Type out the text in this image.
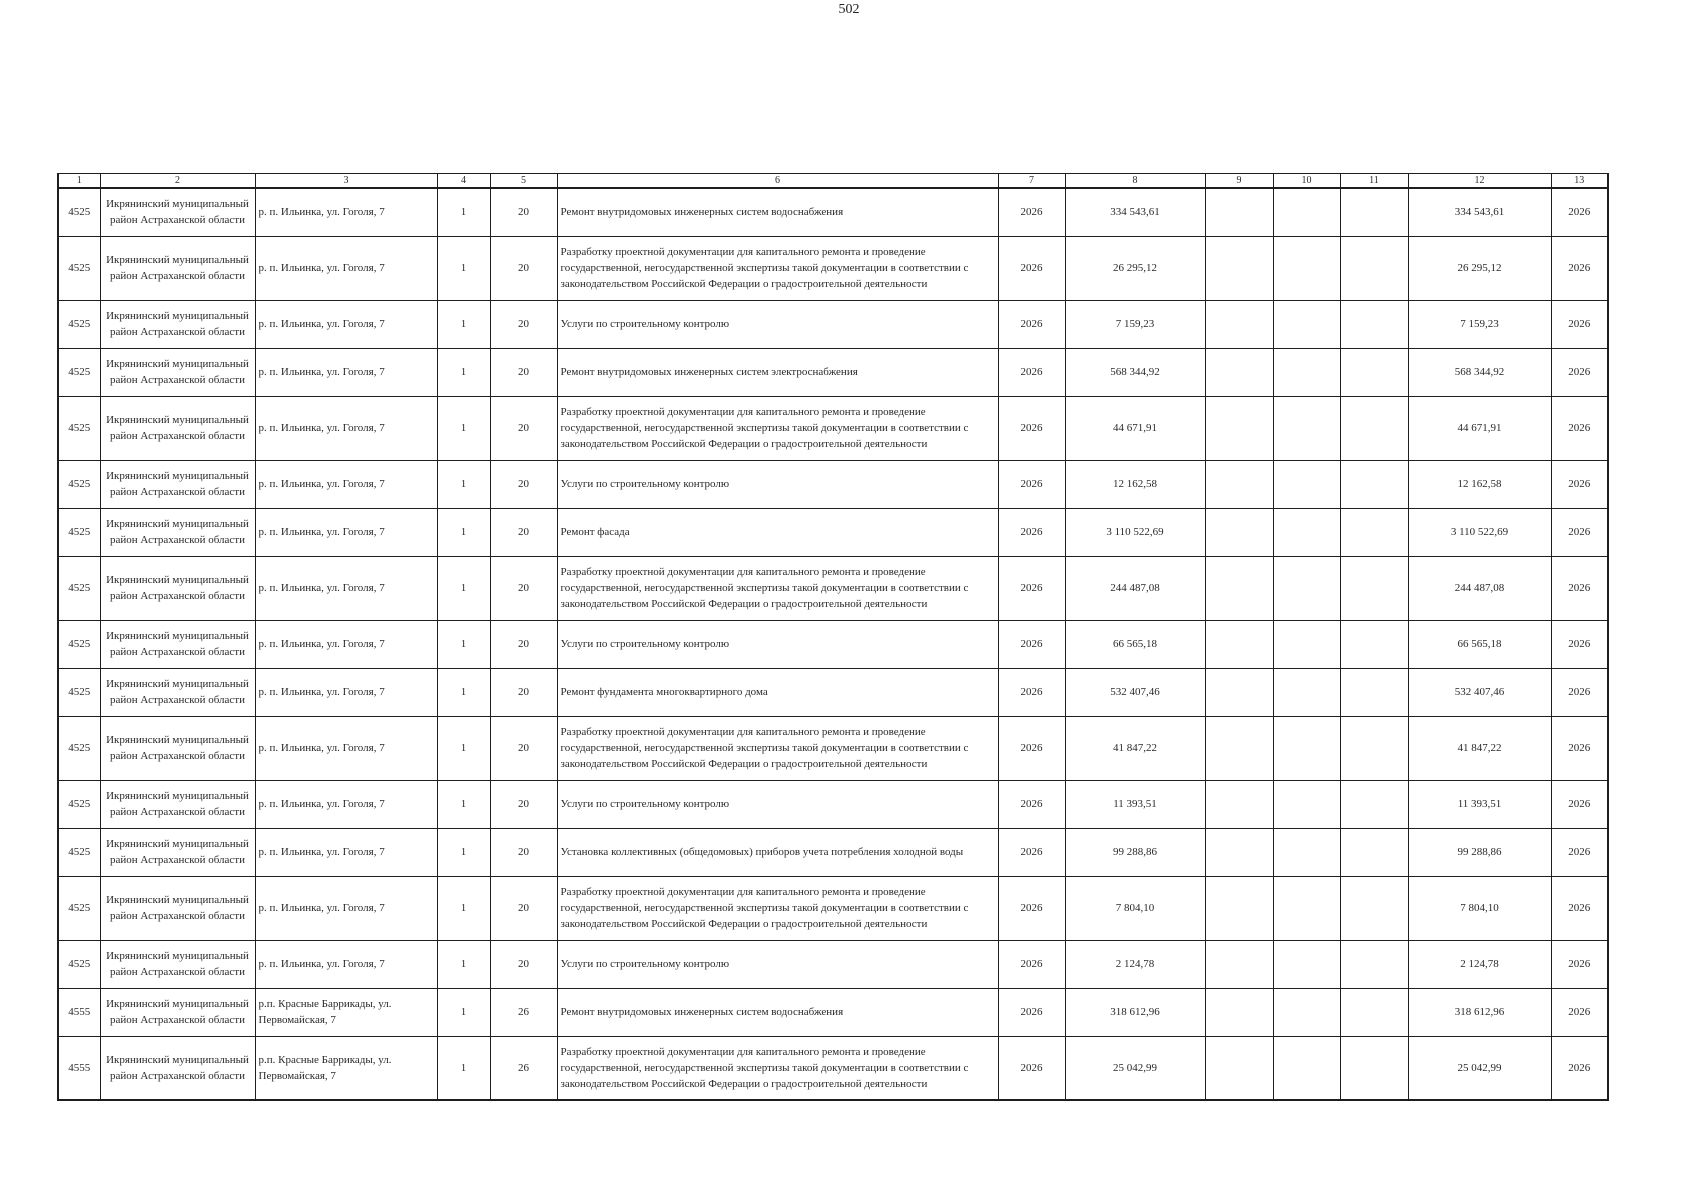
502
1	2	3	4	5	6	7	8	9	10	11	12	13
4525	Икрянинский муниципальный район Астраханской области	р. п. Ильинка, ул. Гоголя, 7	1	20	Ремонт внутридомовых инженерных систем водоснабжения	2026	334 543,61				334 543,61	2026
4525	Икрянинский муниципальный район Астраханской области	р. п. Ильинка, ул. Гоголя, 7	1	20	Разработку проектной документации для капитального ремонта и проведение государственной, негосударственной экспертизы такой документации в соответствии с законодательством Российской Федерации о градостроительной деятельности	2026	26 295,12				26 295,12	2026
4525	Икрянинский муниципальный район Астраханской области	р. п. Ильинка, ул. Гоголя, 7	1	20	Услуги по строительному контролю	2026	7 159,23				7 159,23	2026
4525	Икрянинский муниципальный район Астраханской области	р. п. Ильинка, ул. Гоголя, 7	1	20	Ремонт внутридомовых инженерных систем электроснабжения	2026	568 344,92				568 344,92	2026
4525	Икрянинский муниципальный район Астраханской области	р. п. Ильинка, ул. Гоголя, 7	1	20	Разработку проектной документации для капитального ремонта и проведение государственной, негосударственной экспертизы такой документации в соответствии с законодательством Российской Федерации о градостроительной деятельности	2026	44 671,91				44 671,91	2026
4525	Икрянинский муниципальный район Астраханской области	р. п. Ильинка, ул. Гоголя, 7	1	20	Услуги по строительному контролю	2026	12 162,58				12 162,58	2026
4525	Икрянинский муниципальный район Астраханской области	р. п. Ильинка, ул. Гоголя, 7	1	20	Ремонт фасада	2026	3 110 522,69				3 110 522,69	2026
4525	Икрянинский муниципальный район Астраханской области	р. п. Ильинка, ул. Гоголя, 7	1	20	Разработку проектной документации для капитального ремонта и проведение государственной, негосударственной экспертизы такой документации в соответствии с законодательством Российской Федерации о градостроительной деятельности	2026	244 487,08				244 487,08	2026
4525	Икрянинский муниципальный район Астраханской области	р. п. Ильинка, ул. Гоголя, 7	1	20	Услуги по строительному контролю	2026	66 565,18				66 565,18	2026
4525	Икрянинский муниципальный район Астраханской области	р. п. Ильинка, ул. Гоголя, 7	1	20	Ремонт фундамента многоквартирного дома	2026	532 407,46				532 407,46	2026
4525	Икрянинский муниципальный район Астраханской области	р. п. Ильинка, ул. Гоголя, 7	1	20	Разработку проектной документации для капитального ремонта и проведение государственной, негосударственной экспертизы такой документации в соответствии с законодательством Российской Федерации о градостроительной деятельности	2026	41 847,22				41 847,22	2026
4525	Икрянинский муниципальный район Астраханской области	р. п. Ильинка, ул. Гоголя, 7	1	20	Услуги по строительному контролю	2026	11 393,51				11 393,51	2026
4525	Икрянинский муниципальный район Астраханской области	р. п. Ильинка, ул. Гоголя, 7	1	20	Установка коллективных (общедомовых) приборов учета потребления холодной воды	2026	99 288,86				99 288,86	2026
4525	Икрянинский муниципальный район Астраханской области	р. п. Ильинка, ул. Гоголя, 7	1	20	Разработку проектной документации для капитального ремонта и проведение государственной, негосударственной экспертизы такой документации в соответствии с законодательством Российской Федерации о градостроительной деятельности	2026	7 804,10				7 804,10	2026
4525	Икрянинский муниципальный район Астраханской области	р. п. Ильинка, ул. Гоголя, 7	1	20	Услуги по строительному контролю	2026	2 124,78				2 124,78	2026
4555	Икрянинский муниципальный район Астраханской области	р.п. Красные Баррикады, ул. Первомайская, 7	1	26	Ремонт внутридомовых инженерных систем водоснабжения	2026	318 612,96				318 612,96	2026
4555	Икрянинский муниципальный район Астраханской области	р.п. Красные Баррикады, ул. Первомайская, 7	1	26	Разработку проектной документации для капитального ремонта и проведение государственной, негосударственной экспертизы такой документации в соответствии с законодательством Российской Федерации о градостроительной деятельности	2026	25 042,99				25 042,99	2026
